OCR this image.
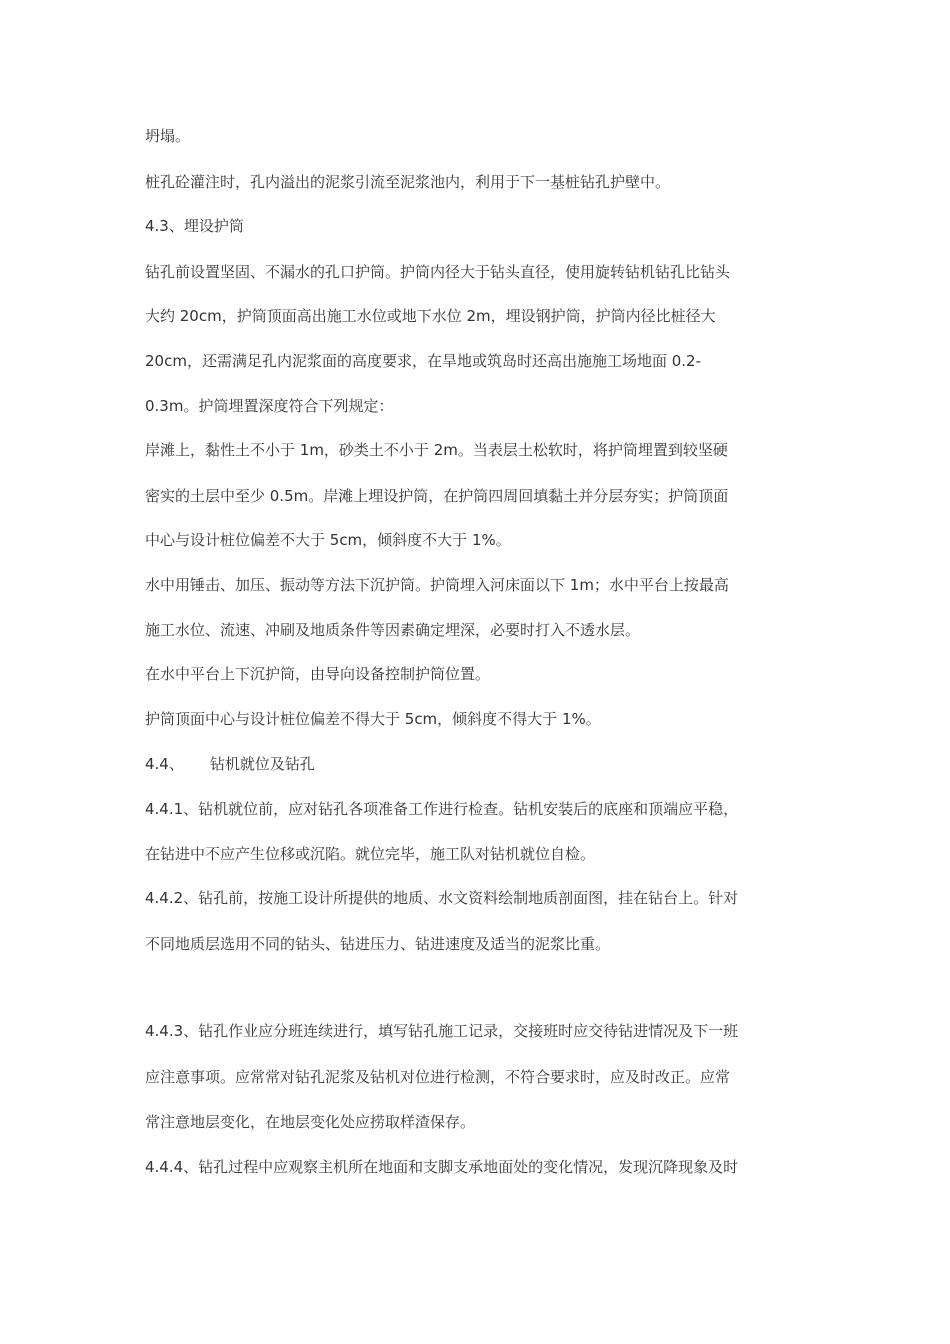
坍塌。
桩孔砼灌注时，孔内溢出的泥浆引流至泥浆池内，利用于下一基桩钻孔护壁中。
4.3、埋设护筒
钻孔前设置坚固、不漏水的孔口护筒。护筒内径大于钻头直径，使用旋转钻机钻孔比钻头
大约 20cm，护筒顶面高出施工水位或地下水位 2m，埋设钢护筒，护筒内径比桩径大
20cm，还需满足孔内泥浆面的高度要求，在旱地或筑岛时还高出施施工场地面 0.2-
0.3m。护筒埋置深度符合下列规定：
岸滩上，黏性土不小于 1m，砂类土不小于 2m。当表层土松软时，将护筒埋置到较坚硬
密实的土层中至少 0.5m。岸滩上埋设护筒，在护筒四周回填黏土并分层夯实；护筒顶面
中心与设计桩位偏差不大于 5cm，倾斜度不大于 1%。
水中用锤击、加压、振动等方法下沉护筒。护筒埋入河床面以下 1m；水中平台上按最高
施工水位、流速、冲刷及地质条件等因素确定埋深，必要时打入不透水层。
在水中平台上下沉护筒，由导向设备控制护筒位置。
护筒顶面中心与设计桩位偏差不得大于 5cm，倾斜度不得大于 1%。
4.4、 钻机就位及钻孔
4.4.1、钻机就位前，应对钻孔各项准备工作进行检查。钻机安装后的底座和顶端应平稳，
在钻进中不应产生位移或沉陷。就位完毕，施工队对钻机就位自检。
4.4.2、钻孔前，按施工设计所提供的地质、水文资料绘制地质剖面图，挂在钻台上。针对
不同地质层选用不同的钻头、钻进压力、钻进速度及适当的泥浆比重。
4.4.3、钻孔作业应分班连续进行，填写钻孔施工记录，交接班时应交待钻进情况及下一班
应注意事项。应常常对钻孔泥浆及钻机对位进行检测，不符合要求时，应及时改正。应常
常注意地层变化，在地层变化处应捞取样渣保存。
4.4.4、钻孔过程中应观察主机所在地面和支脚支承地面处的变化情况，发现沉降现象及时
